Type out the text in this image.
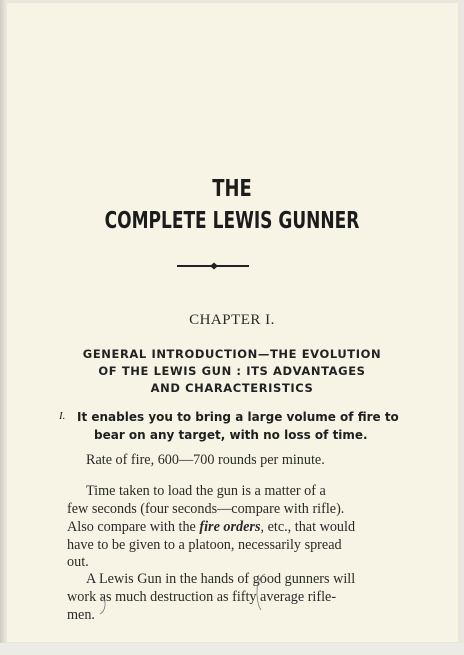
THE
COMPLETE LEWIS GUNNER
CHAPTER I.
GENERAL INTRODUCTION—THE EVOLUTION
OF THE LEWIS GUN : ITS ADVANTAGES
AND CHARACTERISTICS
I. It enables you to bring a large volume of fire to
bear on any target, with no loss of time.
Rate of fire, 600—700 rounds per minute.
Time taken to load the gun is a matter of a
few seconds (four seconds—compare with rifle).
Also compare with the fire orders, etc., that would
have to be given to a platoon, necessarily spread
out.
A Lewis Gun in the hands of good gunners will
work as much destruction as fifty average rifle-
men.
